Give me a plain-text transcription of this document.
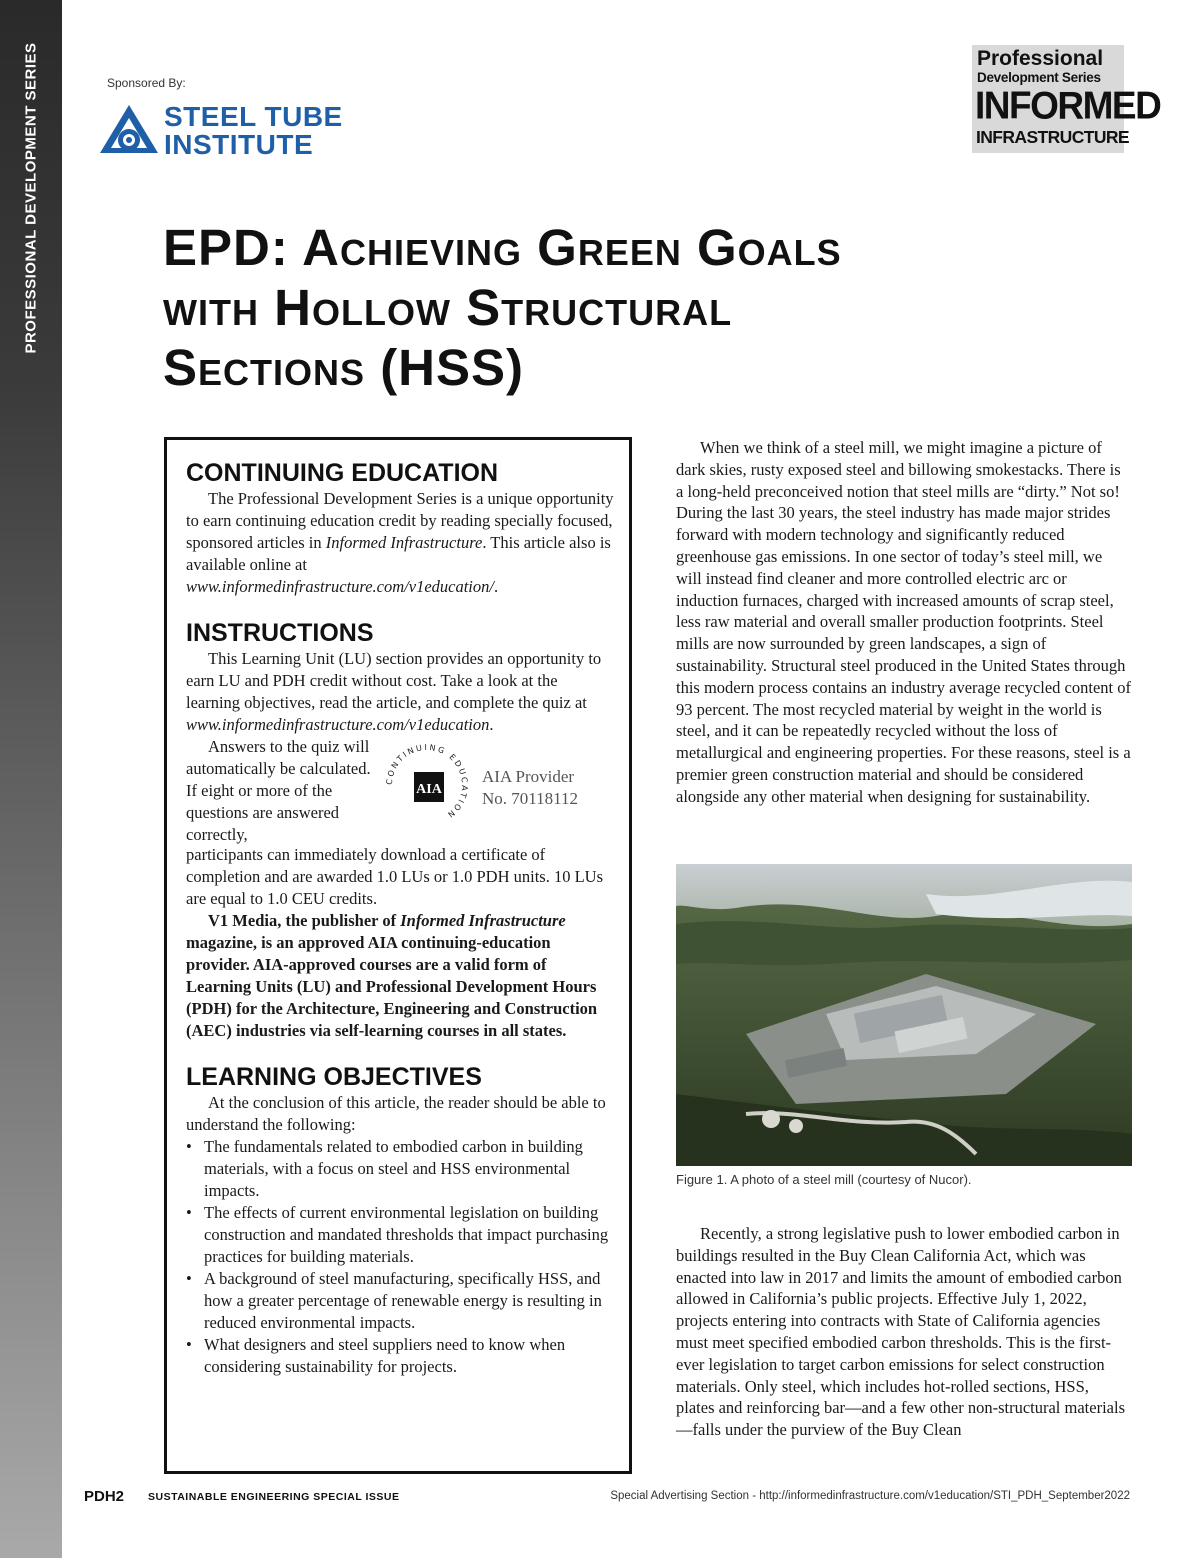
PROFESSIONAL DEVELOPMENT SERIES	Sponsored By:
STEEL TUBE
INSTITUTE
Professional
Development Series
INFORMED
INFRASTRUCTURE
EPD: Achieving Green Goals
with Hollow Structural
Sections (HSS)
CONTINUING EDUCATION

The Professional Development Series is a unique opportunity to earn continuing education credit by reading specially focused, sponsored articles in Informed Infrastructure. This article also is available online at www.informedinfrastructure.com/v1education/.

INSTRUCTIONS

This Learning Unit (LU) section provides an opportunity to earn LU and PDH credit without cost. Take a look at the learning objectives, read the article, and complete the quiz at www.informedinfrastructure.com/v1education.

Answers to the quiz will automatically be calculated. If eight or more of the questions are answered correctly,
CONTINUING EDUCATION
AIA
AIA Provider
No. 70118112

participants can immediately download a certificate of completion and are awarded 1.0 LUs or 1.0 PDH units. 10 LUs are equal to 1.0 CEU credits.

V1 Media, the publisher of Informed Infrastructure magazine, is an approved AIA continuing-education provider. AIA-approved courses are a valid form of Learning Units (LU) and Professional Development Hours (PDH) for the Architecture, Engineering and Construction (AEC) industries via self-learning courses in all states.

LEARNING OBJECTIVES

At the conclusion of this article, the reader should be able to understand the following:

• The fundamentals related to embodied carbon in building materials, with a focus on steel and HSS environmental impacts.
• The effects of current environmental legislation on building construction and mandated thresholds that impact purchasing practices for building materials.
• A background of steel manufacturing, specifically HSS, and how a greater percentage of renewable energy is resulting in reduced environmental impacts.
• What designers and steel suppliers need to know when considering sustainability for projects.

When we think of a steel mill, we might imagine a picture of dark skies, rusty exposed steel and billowing smokestacks. There is a long-held preconceived notion that steel mills are “dirty.” Not so! During the last 30 years, the steel industry has made major strides forward with modern technology and significantly reduced greenhouse gas emissions. In one sector of today’s steel mill, we will instead find cleaner and more controlled electric arc or induction furnaces, charged with increased amounts of scrap steel, less raw material and overall smaller production footprints. Steel mills are now surrounded by green landscapes, a sign of sustainability. Structural steel produced in the United States through this modern process contains an industry average recycled content of 93 percent. The most recycled material by weight in the world is steel, and it can be repeatedly recycled without the loss of metallurgical and engineering properties. For these reasons, steel is a premier green construction material and should be considered alongside any other material when designing for sustainability.

Figure 1. A photo of a steel mill (courtesy of Nucor).

Recently, a strong legislative push to lower embodied carbon in buildings resulted in the Buy Clean California Act, which was enacted into law in 2017 and limits the amount of embodied carbon allowed in California’s public projects. Effective July 1, 2022, projects entering into contracts with State of California agencies must meet specified embodied carbon thresholds. This is the first-ever legislation to target carbon emissions for select construction materials. Only steel, which includes hot-rolled sections, HSS, plates and reinforcing bar—and a few other non-structural materials—falls under the purview of the Buy Clean

PDH2 SUSTAINABLE ENGINEERING SPECIAL ISSUE	Special Advertising Section - http://informedinfrastructure.com/v1education/STI_PDH_September2022
